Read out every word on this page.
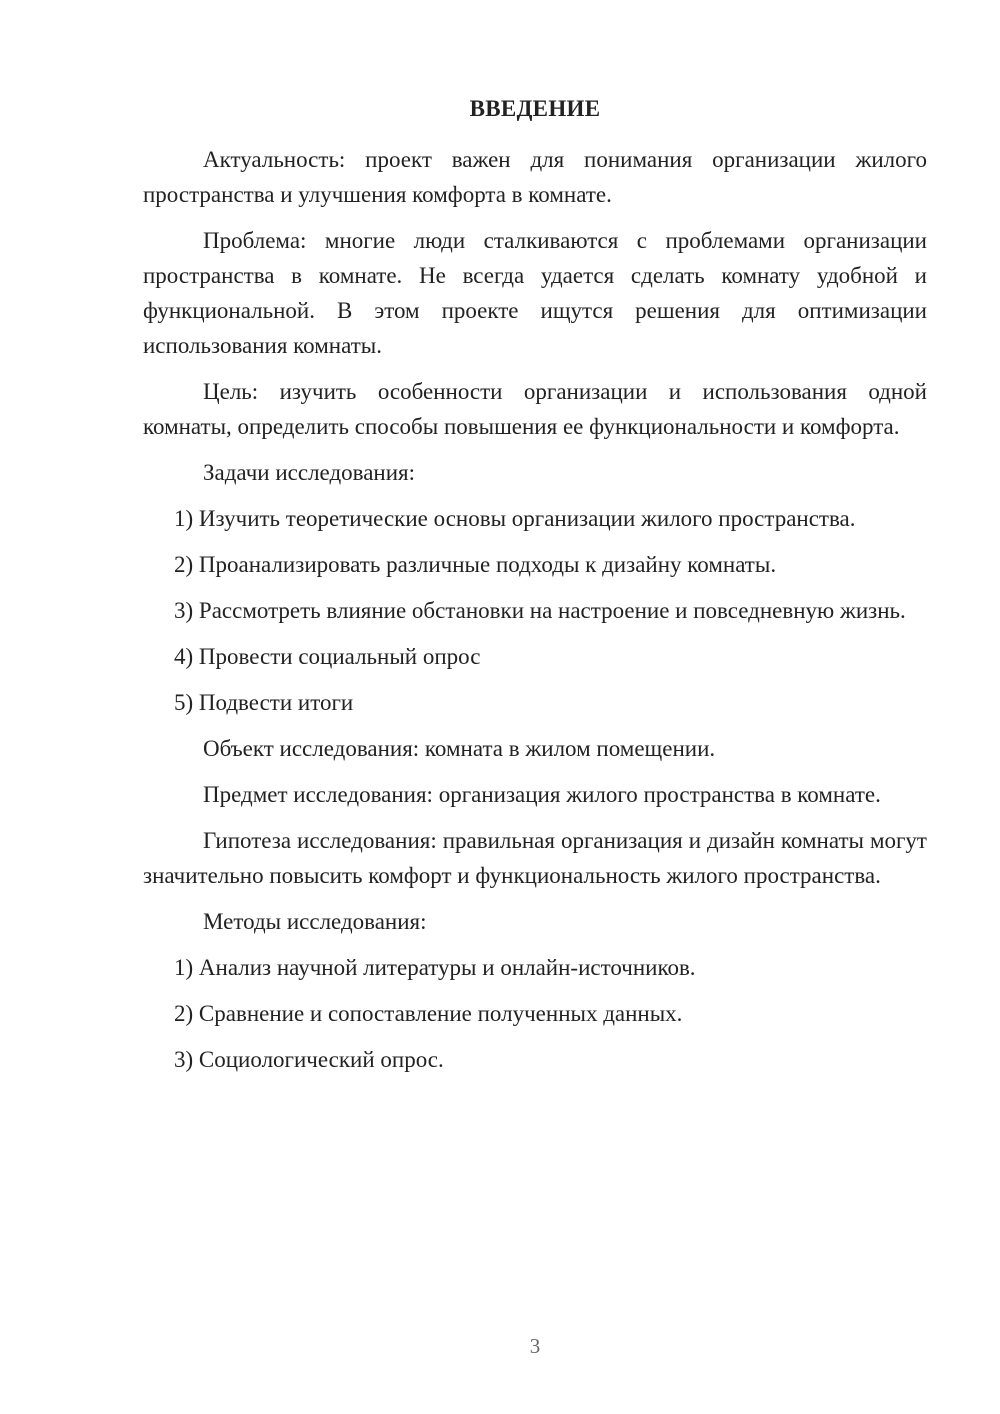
ВВЕДЕНИЕ

Актуальность: проект важен для понимания организации жилого пространства и улучшения комфорта в комнате.

Проблема: многие люди сталкиваются с проблемами организации пространства в комнате. Не всегда удается сделать комнату удобной и функциональной. В этом проекте ищутся решения для оптимизации использования комнаты.

Цель: изучить особенности организации и использования одной комнаты, определить способы повышения ее функциональности и комфорта.

Задачи исследования:

1) Изучить теоретические основы организации жилого пространства.

2) Проанализировать различные подходы к дизайну комнаты.

3) Рассмотреть влияние обстановки на настроение и повседневную жизнь.

4) Провести социальный опрос

5) Подвести итоги

Объект исследования: комната в жилом помещении.

Предмет исследования: организация жилого пространства в комнате.

Гипотеза исследования: правильная организация и дизайн комнаты могут значительно повысить комфорт и функциональность жилого пространства.

Методы исследования:

1) Анализ научной литературы и онлайн-источников.

2) Сравнение и сопоставление полученных данных.

3) Социологический опрос.

3
